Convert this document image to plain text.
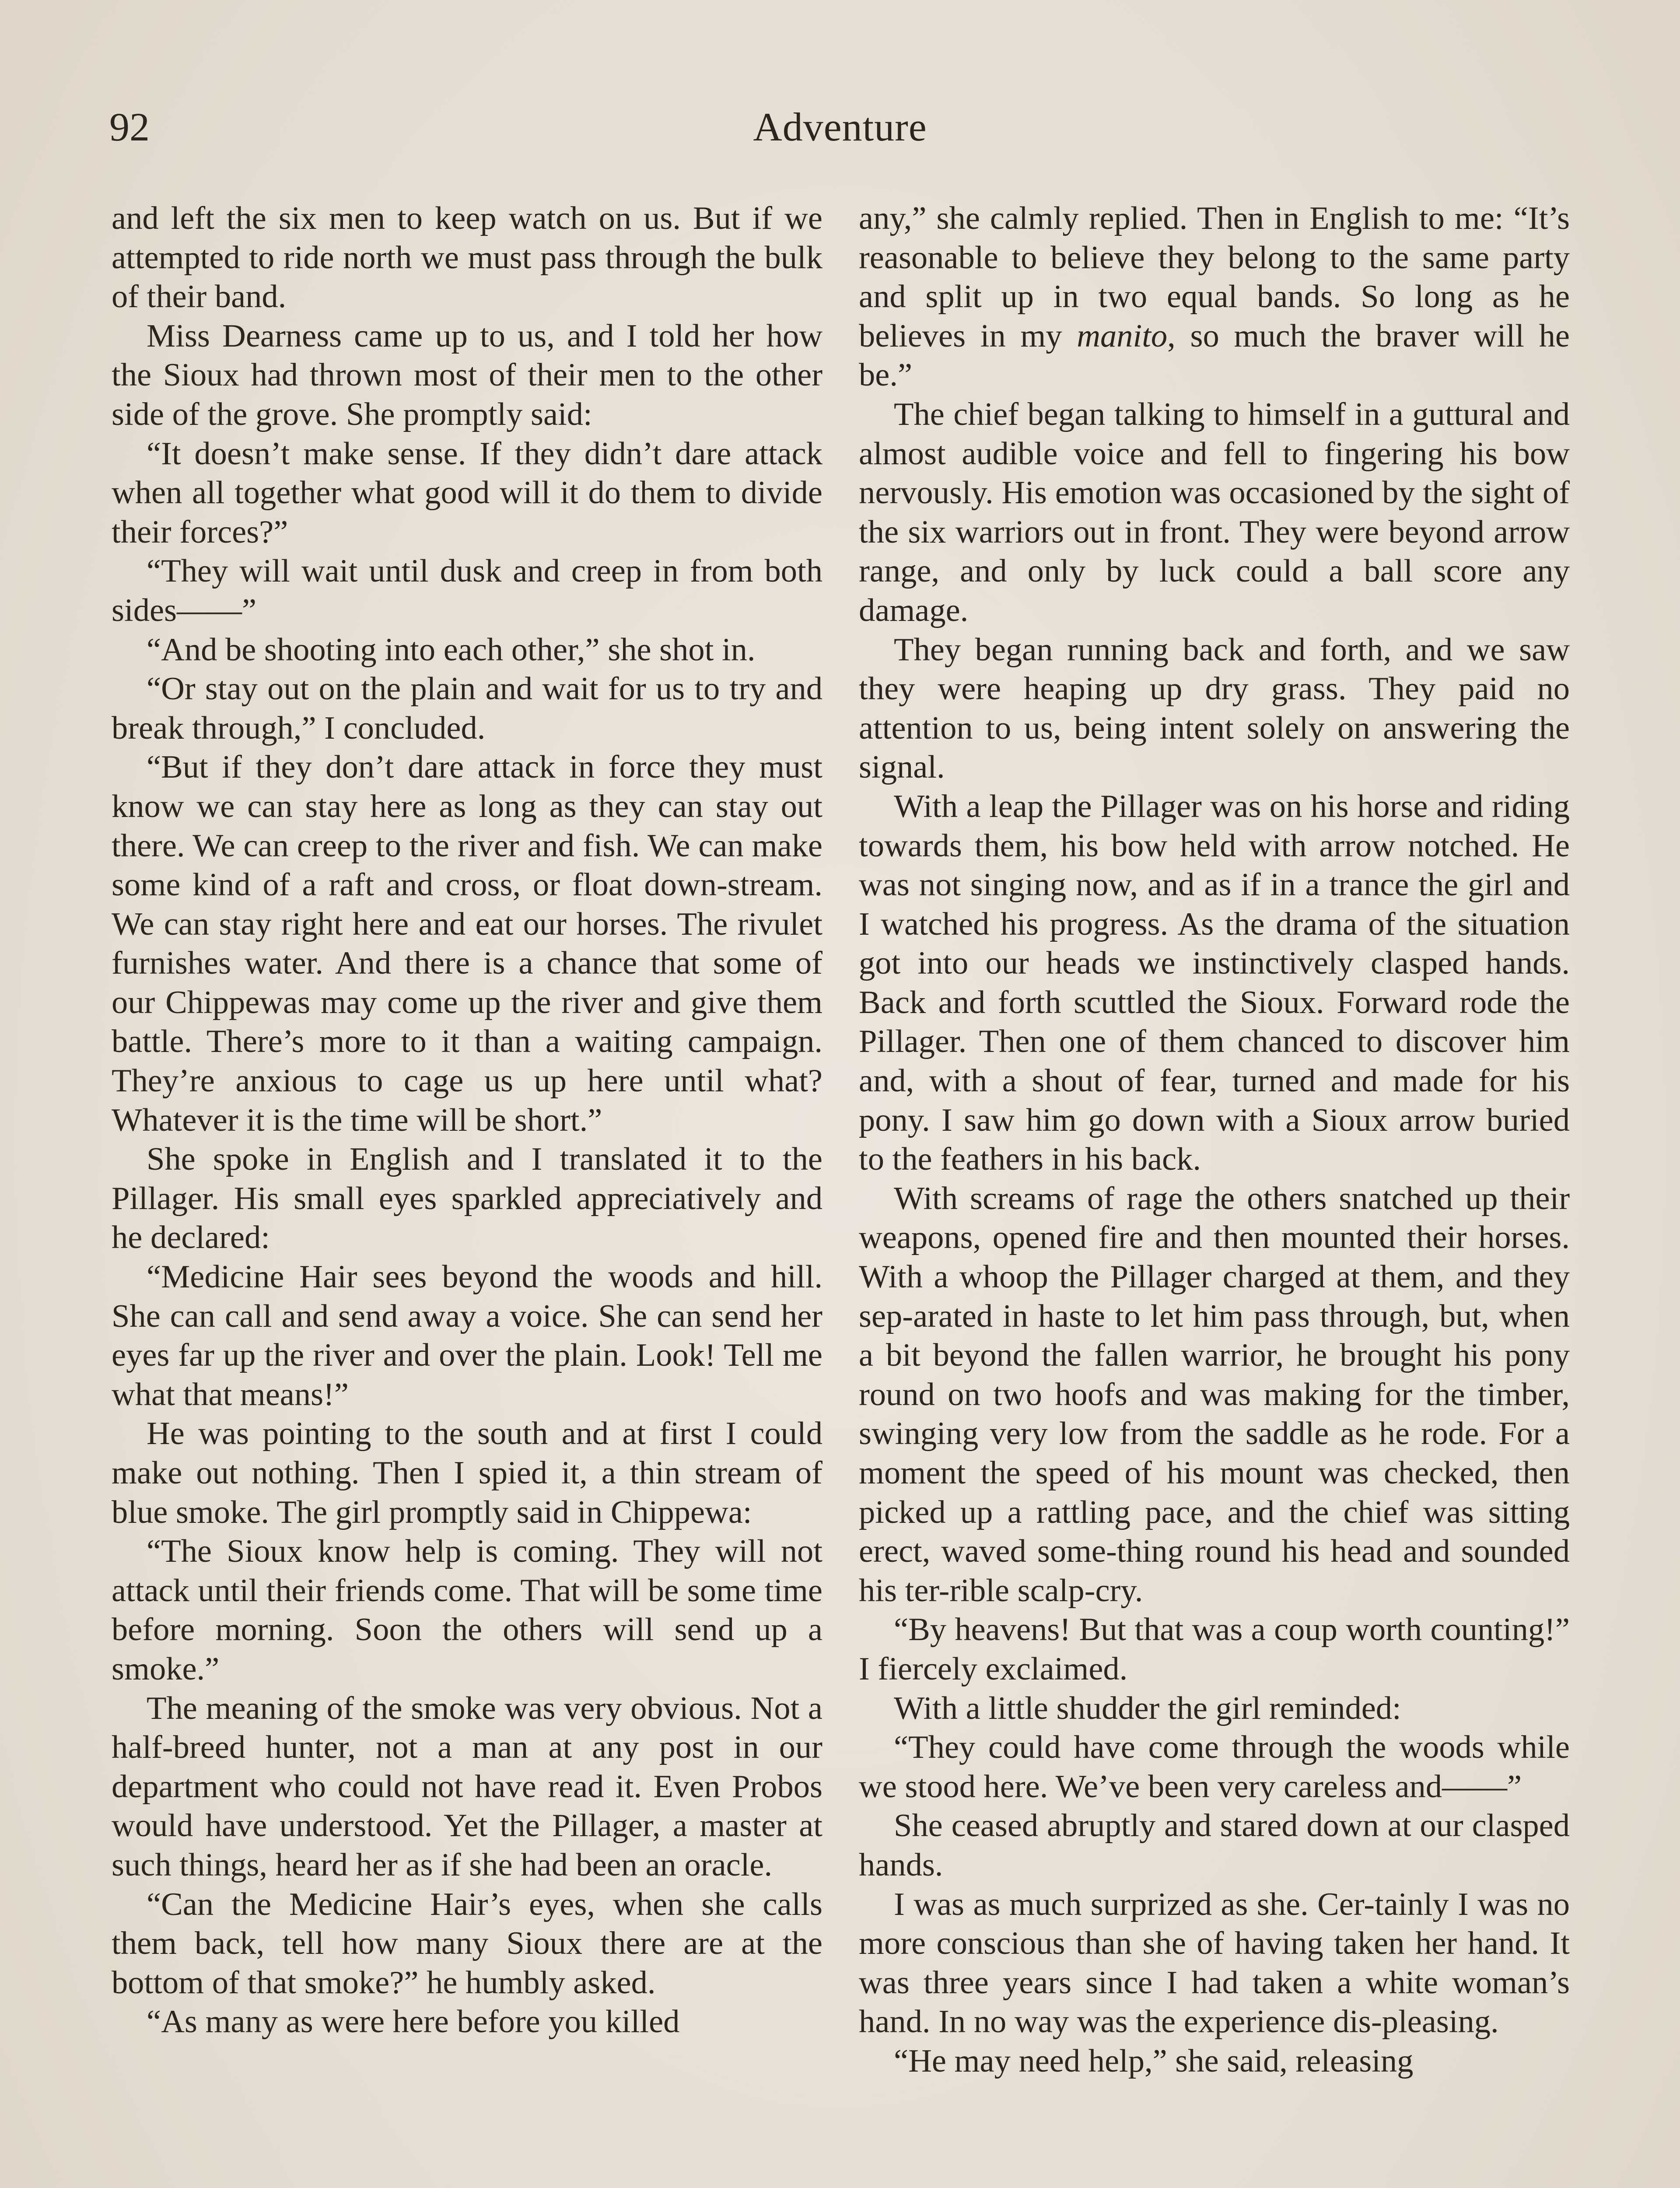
92	Adventure

and left the six men to keep watch on us. But if we attempted to ride north we must pass through the bulk of their band.

Miss Dearness came up to us, and I told her how the Sioux had thrown most of their men to the other side of the grove. She promptly said:

“It doesn’t make sense. If they didn’t dare attack when all together what good will it do them to divide their forces?”

“They will wait until dusk and creep in from both sides——”

“And be shooting into each other,” she shot in.

“Or stay out on the plain and wait for us to try and break through,” I concluded.

“But if they don’t dare attack in force they must know we can stay here as long as they can stay out there. We can creep to the river and fish. We can make some kind of a raft and cross, or float down-stream. We can stay right here and eat our horses. The rivulet furnishes water. And there is a chance that some of our Chippewas may come up the river and give them battle. There’s more to it than a waiting campaign. They’re anxious to cage us up here until what? Whatever it is the time will be short.”

She spoke in English and I translated it to the Pillager. His small eyes sparkled appreciatively and he declared:

“Medicine Hair sees beyond the woods and hill. She can call and send away a voice. She can send her eyes far up the river and over the plain. Look! Tell me what that means!”

He was pointing to the south and at first I could make out nothing. Then I spied it, a thin stream of blue smoke. The girl promptly said in Chippewa:

“The Sioux know help is coming. They will not attack until their friends come. That will be some time before morning. Soon the others will send up a smoke.”

The meaning of the smoke was very obvious. Not a half-breed hunter, not a man at any post in our department who could not have read it. Even Probos would have understood. Yet the Pillager, a master at such things, heard her as if she had been an oracle.

“Can the Medicine Hair’s eyes, when she calls them back, tell how many Sioux there are at the bottom of that smoke?” he humbly asked.

“As many as were here before you killed

any,” she calmly replied. Then in English to me: “It’s reasonable to believe they belong to the same party and split up in two equal bands. So long as he believes in my manito, so much the braver will he be.”

The chief began talking to himself in a guttural and almost audible voice and fell to fingering his bow nervously. His emotion was occasioned by the sight of the six warriors out in front. They were beyond arrow range, and only by luck could a ball score any damage.

They began running back and forth, and we saw they were heaping up dry grass. They paid no attention to us, being intent solely on answering the signal.

With a leap the Pillager was on his horse and riding towards them, his bow held with arrow notched. He was not singing now, and as if in a trance the girl and I watched his progress. As the drama of the situation got into our heads we instinctively clasped hands. Back and forth scuttled the Sioux. Forward rode the Pillager. Then one of them chanced to discover him and, with a shout of fear, turned and made for his pony. I saw him go down with a Sioux arrow buried to the feathers in his back.

With screams of rage the others snatched up their weapons, opened fire and then mounted their horses. With a whoop the Pillager charged at them, and they sep-arated in haste to let him pass through, but, when a bit beyond the fallen warrior, he brought his pony round on two hoofs and was making for the timber, swinging very low from the saddle as he rode. For a moment the speed of his mount was checked, then picked up a rattling pace, and the chief was sitting erect, waved some-thing round his head and sounded his ter-rible scalp-cry.

“By heavens! But that was a coup worth counting!” I fiercely exclaimed.

With a little shudder the girl reminded:

“They could have come through the woods while we stood here. We’ve been very careless and——”

She ceased abruptly and stared down at our clasped hands.

I was as much surprized as she. Cer-tainly I was no more conscious than she of having taken her hand. It was three years since I had taken a white woman’s hand. In no way was the experience dis-pleasing.

“He may need help,” she said, releasing
